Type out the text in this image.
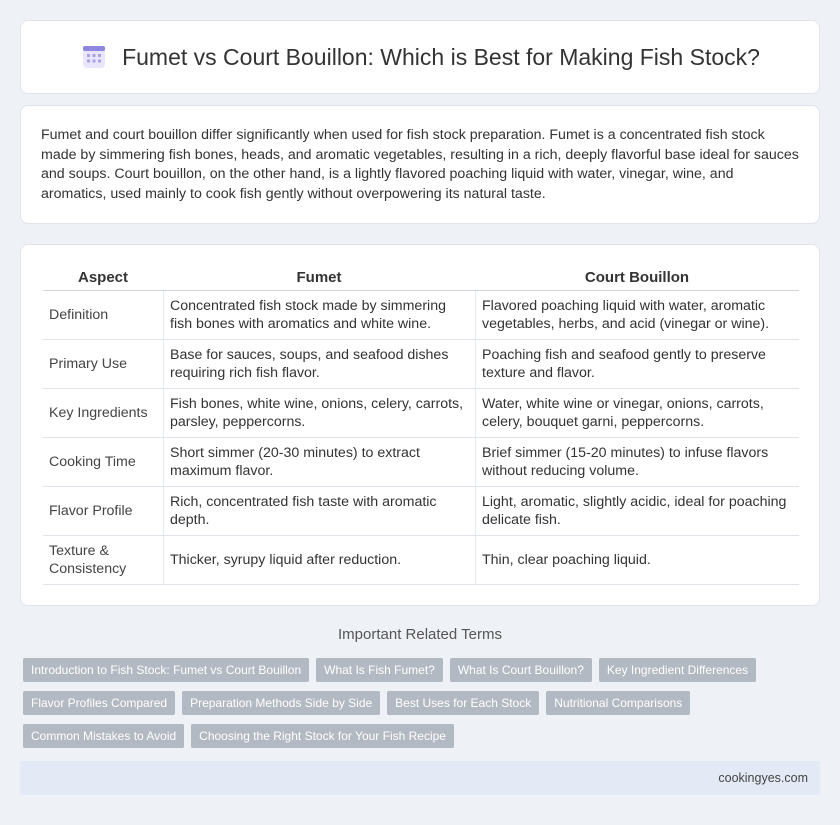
Fumet vs Court Bouillon: Which is Best for Making Fish Stock?

Fumet and court bouillon differ significantly when used for fish stock preparation. Fumet is a concentrated fish stock made by simmering fish bones, heads, and aromatic vegetables, resulting in a rich, deeply flavorful base ideal for sauces and soups. Court bouillon, on the other hand, is a lightly flavored poaching liquid with water, vinegar, wine, and aromatics, used mainly to cook fish gently without overpowering its natural taste.

Aspect	Fumet	Court Bouillon
Definition	Concentrated fish stock made by simmering fish bones with aromatics and white wine.	Flavored poaching liquid with water, aromatic vegetables, herbs, and acid (vinegar or wine).
Primary Use	Base for sauces, soups, and seafood dishes requiring rich fish flavor.	Poaching fish and seafood gently to preserve texture and flavor.
Key Ingredients	Fish bones, white wine, onions, celery, carrots, parsley, peppercorns.	Water, white wine or vinegar, onions, carrots, celery, bouquet garni, peppercorns.
Cooking Time	Short simmer (20-30 minutes) to extract maximum flavor.	Brief simmer (15-20 minutes) to infuse flavors without reducing volume.
Flavor Profile	Rich, concentrated fish taste with aromatic depth.	Light, aromatic, slightly acidic, ideal for poaching delicate fish.
Texture & Consistency	Thicker, syrupy liquid after reduction.	Thin, clear poaching liquid.
Important Related Terms
Introduction to Fish Stock: Fumet vs Court Bouillon	What Is Fish Fumet?	What Is Court Bouillon?	Key Ingredient Differences
Flavor Profiles Compared	Preparation Methods Side by Side	Best Uses for Each Stock	Nutritional Comparisons
Common Mistakes to Avoid	Choosing the Right Stock for Your Fish Recipe
cookingyes.com
